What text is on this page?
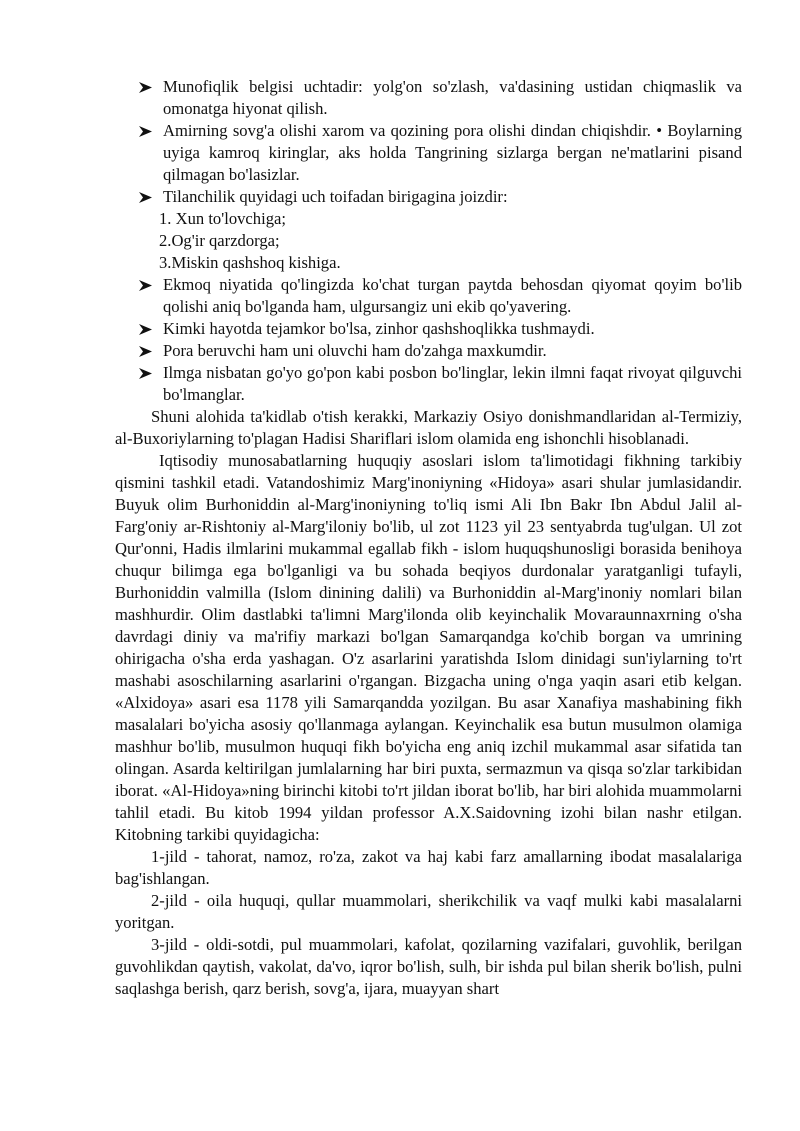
Munofiqlik belgisi uchtadir: yolg'on so'zlash, va'dasining ustidan chiqmaslik va omonatga hiyonat qilish.
Amirning sovg'a olishi xarom va qozining pora olishi dindan chiqishdir. • Boylarning uyiga kamroq kiringlar, aks holda Tangrining sizlarga bergan ne'matlarini pisand qilmagan bo'lasizlar.
Tilanchilik quyidagi uch toifadan birigagina joizdir:
1. Xun to'lovchiga;
2.Og'ir qarzdorga;
3.Miskin qashshoq kishiga.
Ekmoq niyatida qo'lingizda ko'chat turgan paytda behosdan qiyomat qoyim bo'lib qolishi aniq bo'lganda ham, ulgursangiz uni ekib qo'yavering.
Kimki hayotda tejamkor bo'lsa, zinhor qashshoqlikka tushmaydi.
Pora beruvchi ham uni oluvchi ham do'zahga maxkumdir.
Ilmga nisbatan go'yo go'pon kabi posbon bo'linglar, lekin ilmni faqat rivoyat qilguvchi bo'lmanglar.

Shuni alohida ta'kidlab o'tish kerakki, Markaziy Osiyo donishmandlaridan al-Termiziy, al-Buxoriylarning to'plagan Hadisi Shariflari islom olamida eng ishonchli hisoblanadi.

Iqtisodiy munosabatlarning huquqiy asoslari islom ta'limotidagi fikhning tarkibiy qismini tashkil etadi. Vatandoshimiz Marg'inoniyning «Hidoya» asari shular jumlasidandir. Buyuk olim Burhoniddin al-Marg'inoniyning to'liq ismi Ali Ibn Bakr Ibn Abdul Jalil al-Farg'oniy ar-Rishtoniy al-Marg'iloniy bo'lib, ul zot 1123 yil 23 sentyabrda tug'ulgan. Ul zot Qur'onni, Hadis ilmlarini mukammal egallab fikh - islom huquqshunosligi borasida benihoya chuqur bilimga ega bo'lganligi va bu sohada beqiyos durdonalar yaratganligi tufayli, Burhoniddin valmilla (Islom dinining dalili) va Burhoniddin al-Marg'inoniy nomlari bilan mashhurdir. Olim dastlabki ta'limni Marg'ilonda olib keyinchalik Movaraunnaxrning o'sha davrdagi diniy va ma'rifiy markazi bo'lgan Samarqandga ko'chib borgan va umrining ohirigacha o'sha erda yashagan. O'z asarlarini yaratishda Islom dinidagi sun'iylarning to'rt mashabi asoschilarning asarlarini o'rgangan. Bizgacha uning o'nga yaqin asari etib kelgan. «Alxidoya» asari esa 1178 yili Samarqandda yozilgan. Bu asar Xanafiya mashabining fikh masalalari bo'yicha asosiy qo'llanmaga aylangan. Keyinchalik esa butun musulmon olamiga mashhur bo'lib, musulmon huquqi fikh bo'yicha eng aniq izchil mukammal asar sifatida tan olingan. Asarda keltirilgan jumlalarning har biri puxta, sermazmun va qisqa so'zlar tarkibidan iborat. «Al-Hidoya»ning birinchi kitobi to'rt jildan iborat bo'lib, har biri alohida muammolarni tahlil etadi. Bu kitob 1994 yildan professor A.X.Saidovning izohi bilan nashr etilgan. Kitobning tarkibi quyidagicha:

1-jild - tahorat, namoz, ro'za, zakot va haj kabi farz amallarning ibodat masalalariga bag'ishlangan.

2-jild - oila huquqi, qullar muammolari, sherikchilik va vaqf mulki kabi masalalarni yoritgan.

3-jild - oldi-sotdi, pul muammolari, kafolat, qozilarning vazifalari, guvohlik, berilgan guvohlikdan qaytish, vakolat, da'vo, iqror bo'lish, sulh, bir ishda pul bilan sherik bo'lish, pulni saqlashga berish, qarz berish, sovg'a, ijara, muayyan shart
